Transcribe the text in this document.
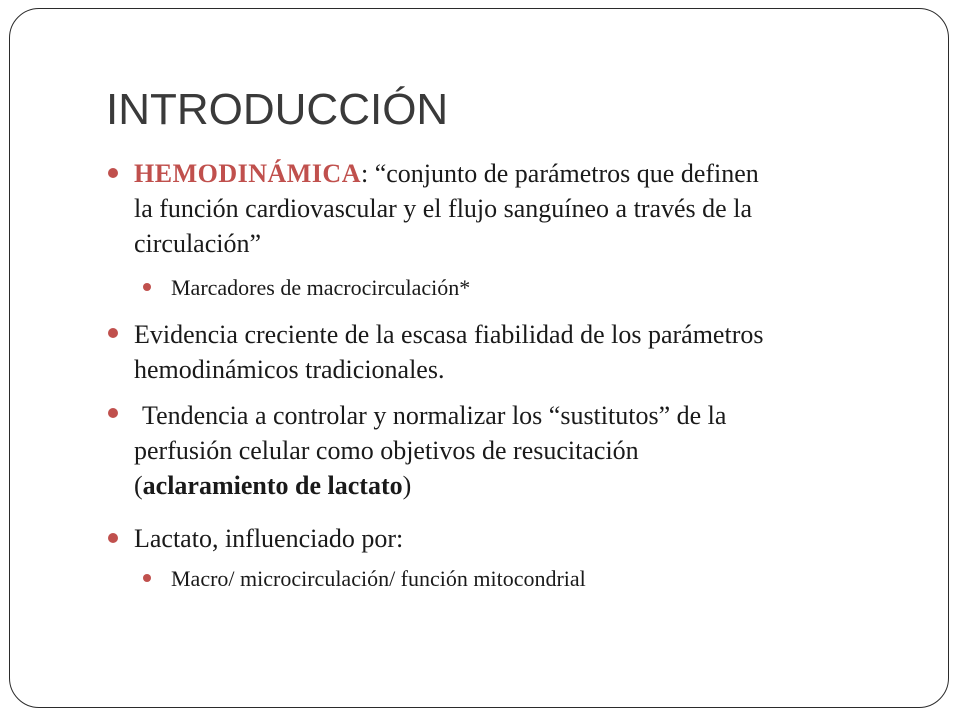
INTRODUCCIÓN
HEMODINÁMICA: “conjunto de parámetros que definen
la función cardiovascular y el flujo sanguíneo a través de la
circulación”
Marcadores de macrocirculación*
Evidencia creciente de la escasa fiabilidad de los parámetros
hemodinámicos tradicionales.
Tendencia a controlar y normalizar los “sustitutos” de la
perfusión celular como objetivos de resucitación
(aclaramiento de lactato)
Lactato, influenciado por:
Macro/ microcirculación/ función mitocondrial
